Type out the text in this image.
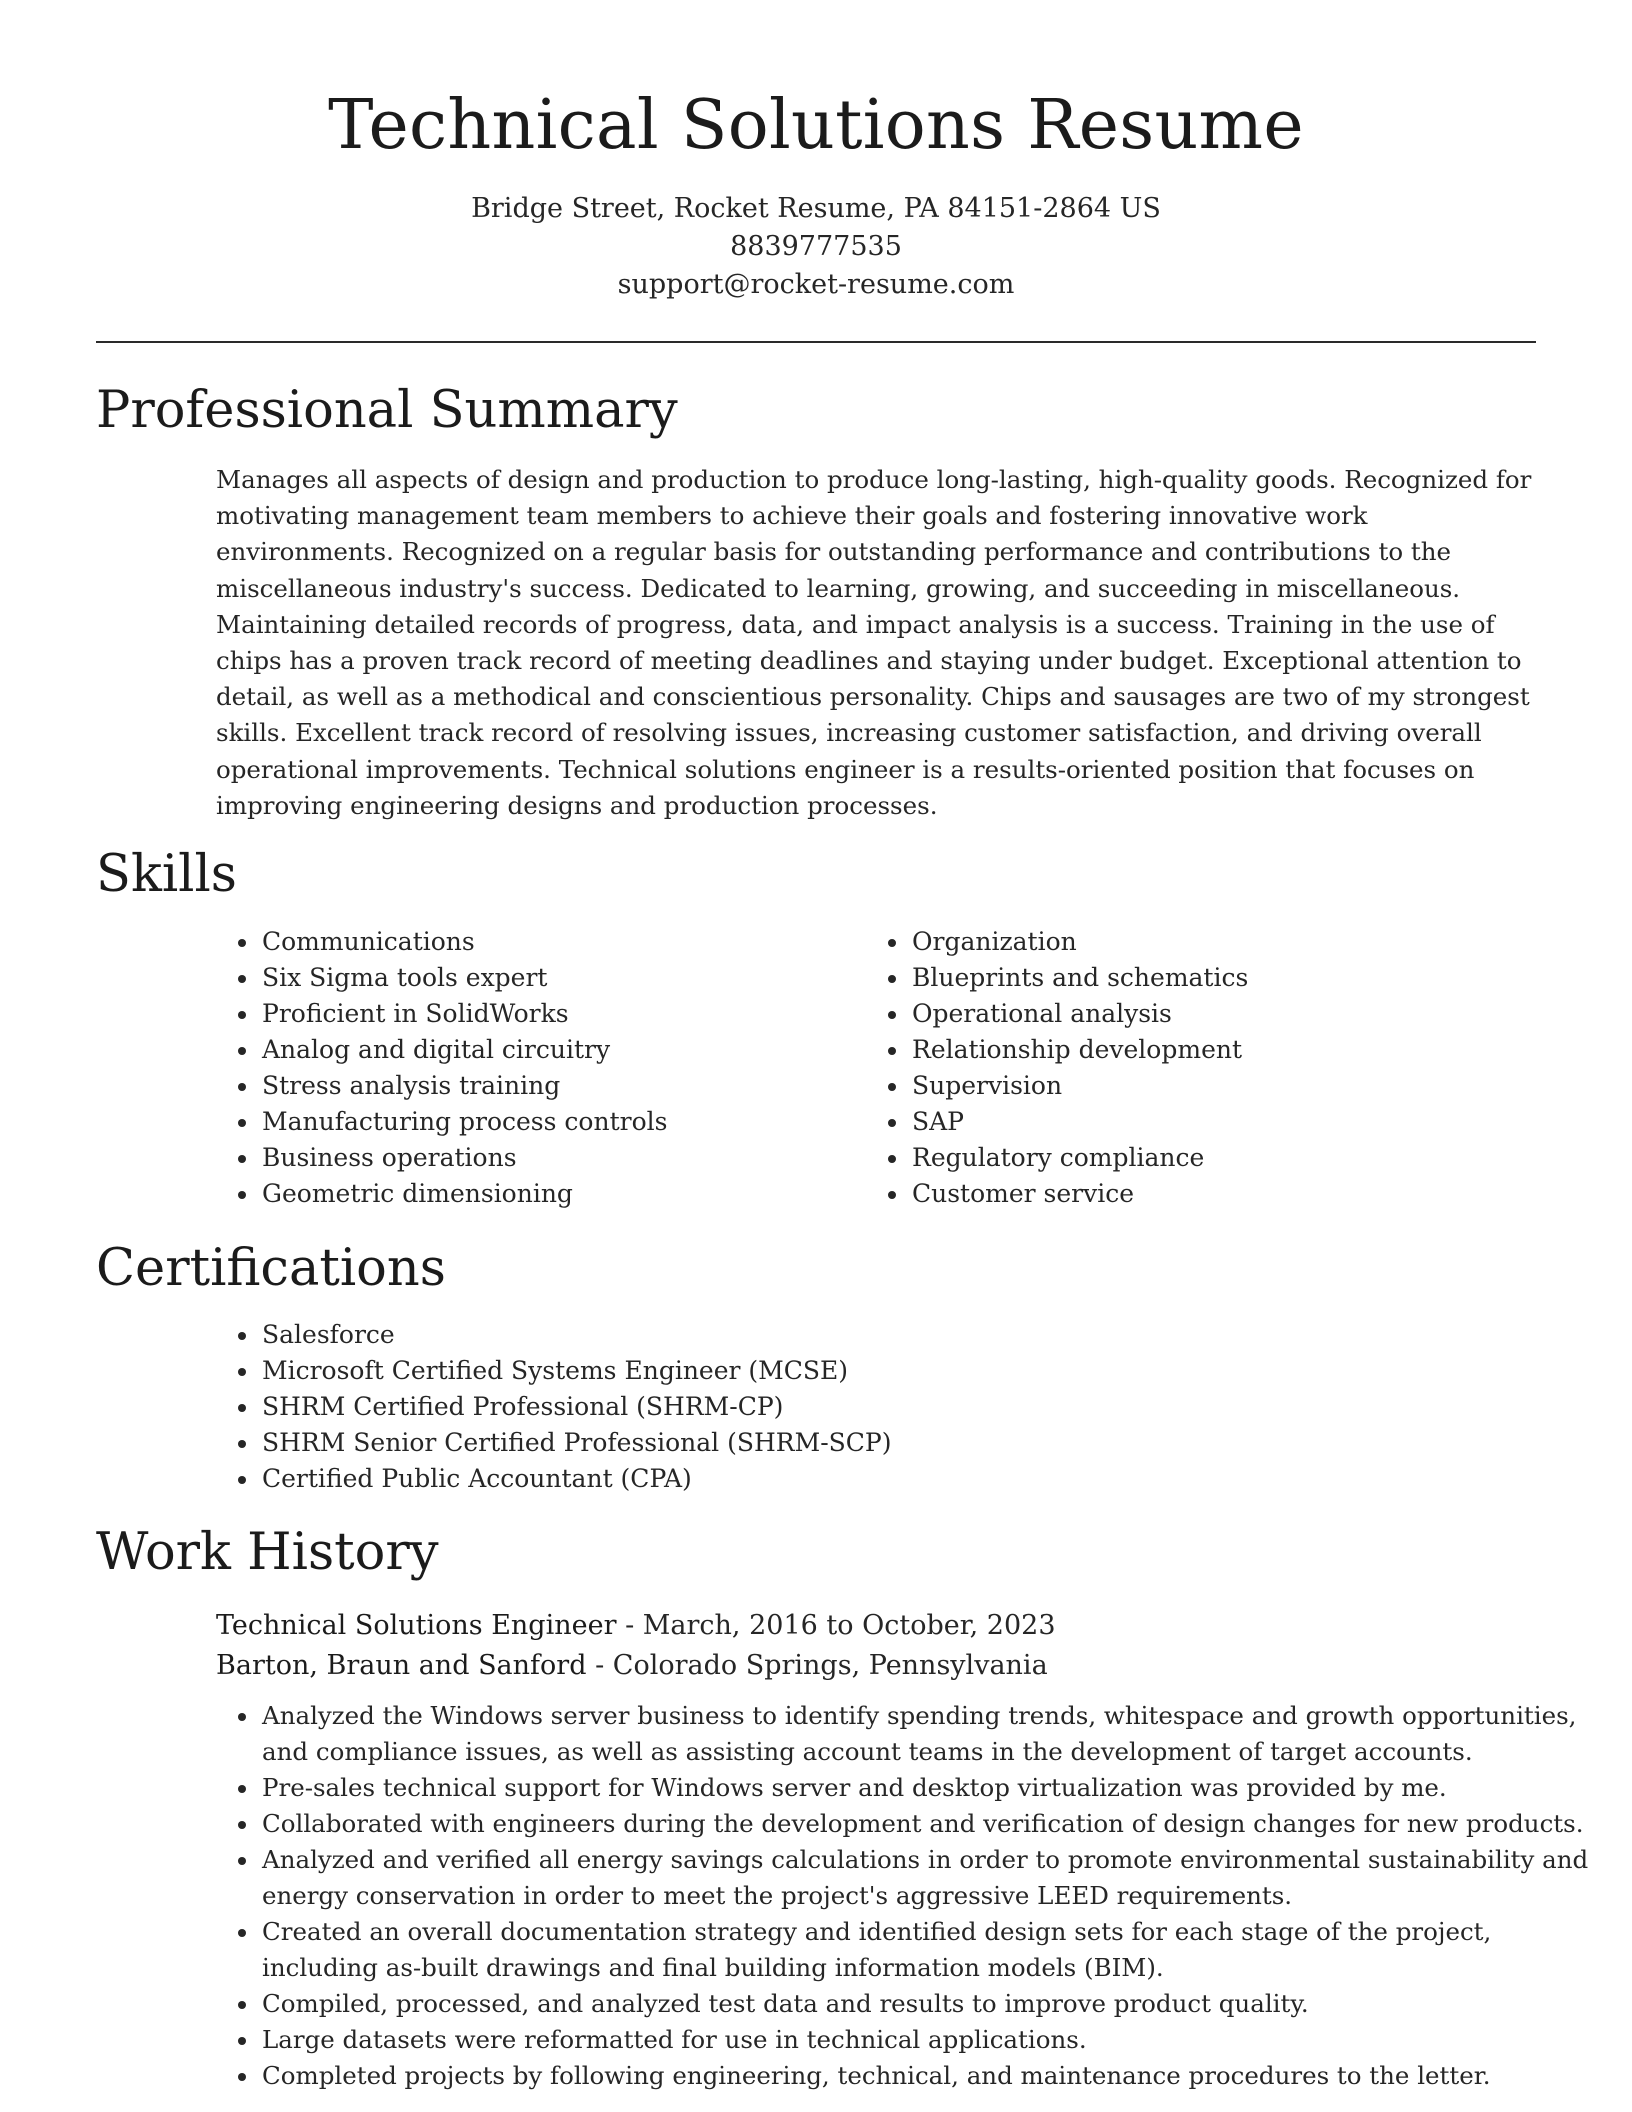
Technical Solutions Resume
Bridge Street, Rocket Resume, PA 84151-2864 US
8839777535
support@rocket-resume.com
Professional Summary

Manages all aspects of design and production to produce long-lasting, high-quality goods. Recognized for motivating management team members to achieve their goals and fostering innovative work environments. Recognized on a regular basis for outstanding performance and contributions to the miscellaneous industry's success. Dedicated to learning, growing, and succeeding in miscellaneous. Maintaining detailed records of progress, data, and impact analysis is a success. Training in the use of chips has a proven track record of meeting deadlines and staying under budget. Exceptional attention to detail, as well as a methodical and conscientious personality. Chips and sausages are two of my strongest skills. Excellent track record of resolving issues, increasing customer satisfaction, and driving overall operational improvements. Technical solutions engineer is a results-oriented position that focuses on improving engineering designs and production processes.

Skills
• Communications
• Six Sigma tools expert
• Proficient in SolidWorks
• Analog and digital circuitry
• Stress analysis training
• Manufacturing process controls
• Business operations
• Geometric dimensioning
• Organization
• Blueprints and schematics
• Operational analysis
• Relationship development
• Supervision
• SAP
• Regulatory compliance
• Customer service
Certifications
• Salesforce
• Microsoft Certified Systems Engineer (MCSE)
• SHRM Certified Professional (SHRM-CP)
• SHRM Senior Certified Professional (SHRM-SCP)
• Certified Public Accountant (CPA)
Work History
Technical Solutions Engineer - March, 2016 to October, 2023
Barton, Braun and Sanford - Colorado Springs, Pennsylvania
• Analyzed the Windows server business to identify spending trends, whitespace and growth opportunities, and compliance issues, as well as assisting account teams in the development of target accounts.
• Pre-sales technical support for Windows server and desktop virtualization was provided by me.
• Collaborated with engineers during the development and verification of design changes for new products.
• Analyzed and verified all energy savings calculations in order to promote environmental sustainability and energy conservation in order to meet the project's aggressive LEED requirements.
• Created an overall documentation strategy and identified design sets for each stage of the project, including as-built drawings and final building information models (BIM).
• Compiled, processed, and analyzed test data and results to improve product quality.
• Large datasets were reformatted for use in technical applications.
• Completed projects by following engineering, technical, and maintenance procedures to the letter.
